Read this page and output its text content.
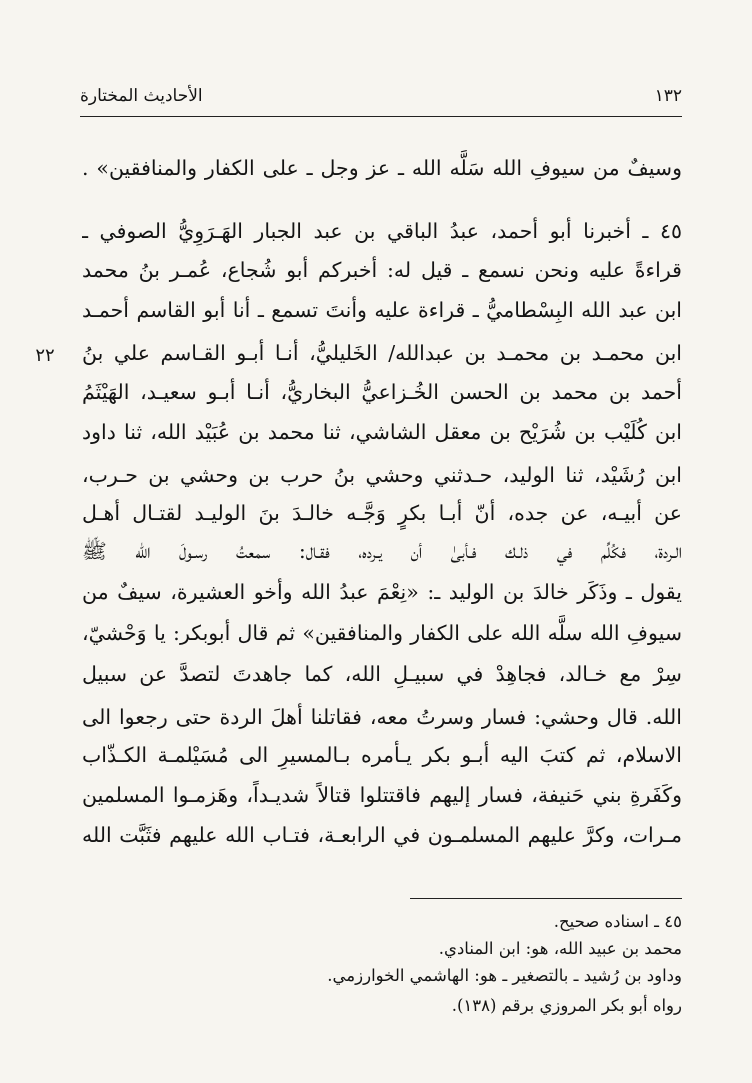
١٣٢
الأحاديث المختارة
وسيفٌ من سيوفِ الله سَلَّه الله ـ عز وجل ـ على الكفار والمنافقين» .
٤٥ ـ أخبرنا أبو أحمد، عبدُ الباقي بن عبد الجبار الهَـرَوِيُّ الصوفي ـ
قراءةً عليه ونحن نسمع ـ قيل له: أخبركم أبو شُجاع، عُمـر بنُ محمد
ابن عبد الله البِسْطاميُّ ـ قراءة عليه وأنتَ تسمع ـ أنا أبو القاسم أحمـد
ابن محمـد بن محمـد بن عبدالله/ الخَليليُّ، أنـا أبـو القـاسم علي بنُ
أحمد بن محمد بن الحسن الخُـزاعيُّ البخاريُّ، أنـا أبـو سعيـد، الهَيْثَمُ
ابن كُلَيْب بن شُرَيْح بن معقل الشاشي، ثنا محمد بن عُبَيْد الله، ثنا داود
ابن رُشَيْد، ثنا الوليد، حـدثني وحشي بنُ حرب بن وحشي بن حـرب،
عن أبيـه، عن جده، أنّ أبـا بكرٍ وَجَّـه خالـدَ بنَ الوليـد لقتـال أهـل
الـردة، فكُلِّم في ذلـك فـأبىٰ أن يـرده، فقـال: سمعتُ رسـولَ الله ﷺ
يقول ـ وذَكَر خالدَ بن الوليد ـ: «نِعْمَ عبدُ الله وأخو العشيرة، سيفٌ من
سيوفِ الله سلَّه الله على الكفار والمنافقين» ثم قال أبوبكر: يا وَحْشيّ،
سِرْ مع خـالد، فجاهِدْ في سبيـلِ الله، كما جاهدتَ لتصدَّ عن سبيل
الله. قال وحشي: فسار وسرتُ معه، فقاتلنا أهلَ الردة حتى رجعوا الى
الاسلام، ثم كتبَ اليه أبـو بكر يـأمره بـالمسيرِ الى مُسَيْلمـة الكـذّاب
وكَفَرةِ بني حَنيفة، فسار إليهم فاقتتلوا قتالاً شديـداً، وهَزمـوا المسلمين
مـرات، وكرَّ عليهم المسلمـون في الرابعـة، فتـاب الله عليهم فثَبَّت الله
٢٢
٤٥ ـ اسناده صحيح.
محمد بن عبيد الله، هو: ابن المنادي.
وداود بن رُشيد ـ بالتصغير ـ هو: الهاشمي الخوارزمي.
رواه أبو بكر المروزي برقم (١٣٨).
